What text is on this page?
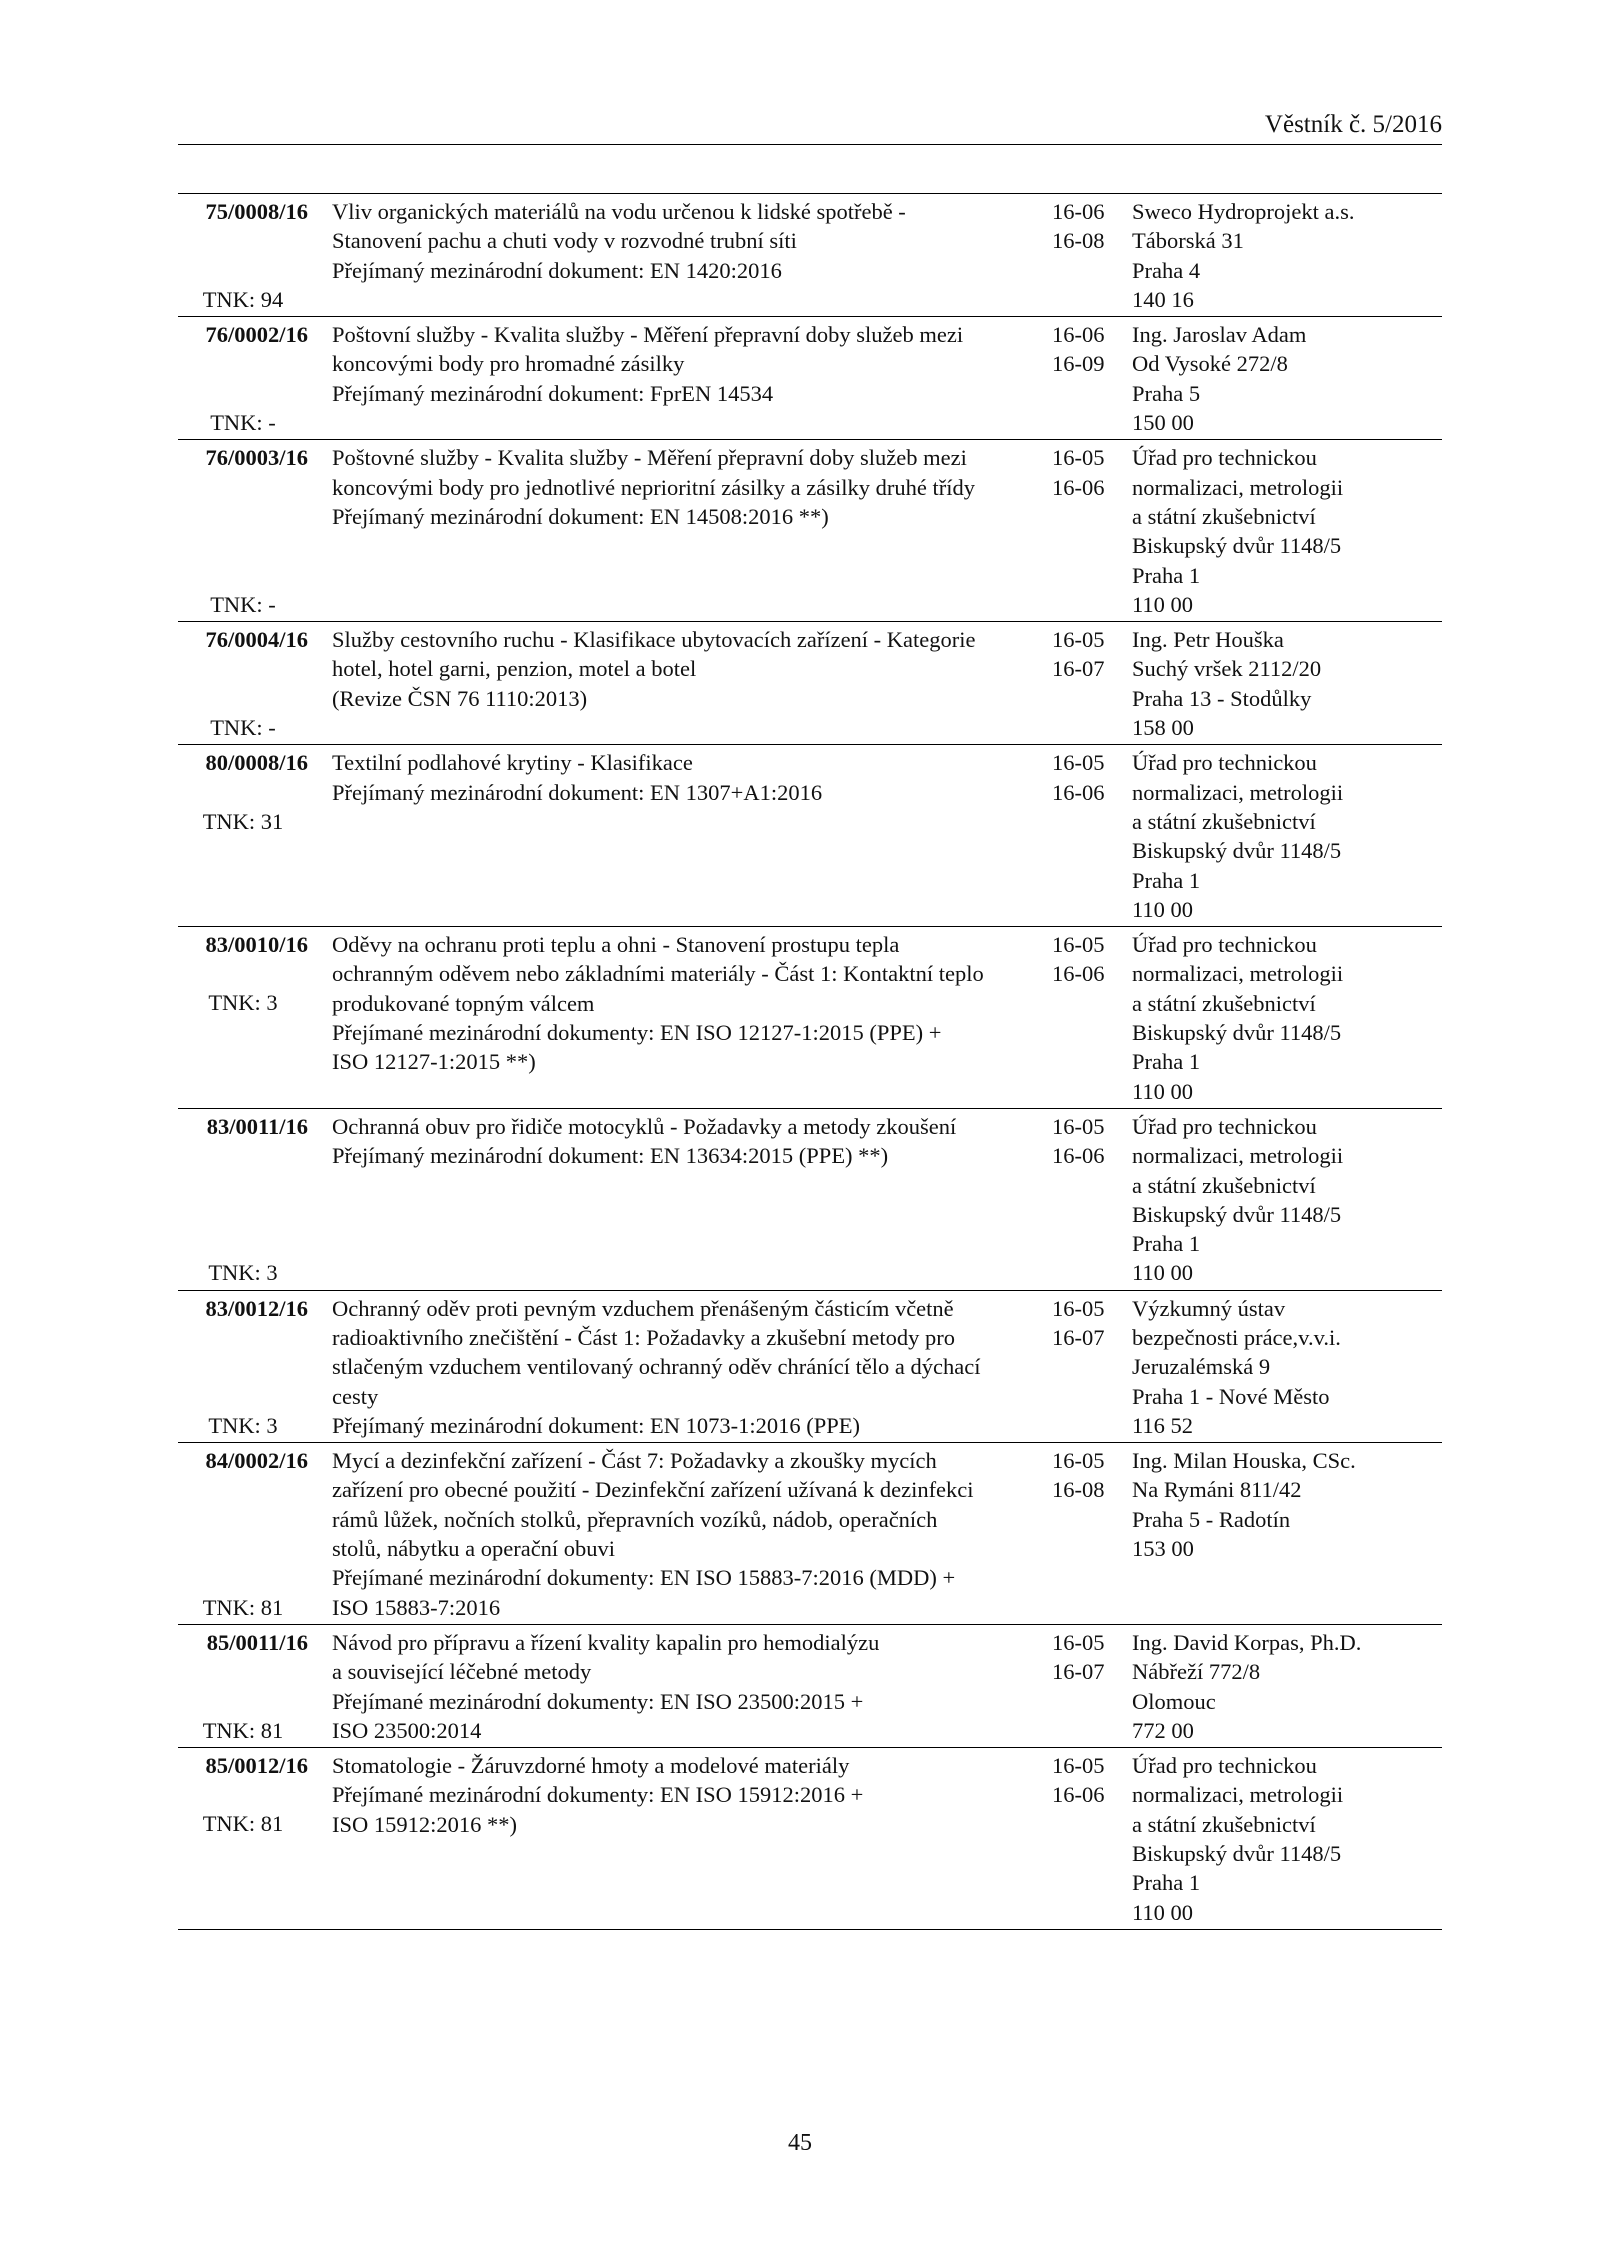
Věstník č. 5/2016
75/0008/16
TNK: 94
Vliv organických materiálů na vodu určenou k lidské spotřebě -
Stanovení pachu a chuti vody v rozvodné trubní síti
Přejímaný mezinárodní dokument: EN 1420:2016
16-06
16-08
Sweco Hydroprojekt a.s.
Táborská 31
Praha 4
140 16
76/0002/16
TNK: -
Poštovní služby - Kvalita služby - Měření přepravní doby služeb mezi
koncovými body pro hromadné zásilky
Přejímaný mezinárodní dokument: FprEN 14534
16-06
16-09
Ing. Jaroslav Adam
Od Vysoké 272/8
Praha 5
150 00
76/0003/16
TNK: -
Poštovné služby - Kvalita služby - Měření přepravní doby služeb mezi
koncovými body pro jednotlivé neprioritní zásilky a zásilky druhé třídy
Přejímaný mezinárodní dokument: EN 14508:2016 **)
16-05
16-06
Úřad pro technickou
normalizaci, metrologii
a státní zkušebnictví
Biskupský dvůr 1148/5
Praha 1
110 00
76/0004/16
TNK: -
Služby cestovního ruchu - Klasifikace ubytovacích zařízení - Kategorie
hotel, hotel garni, penzion, motel a botel
(Revize ČSN 76 1110:2013)
16-05
16-07
Ing. Petr Houška
Suchý vršek 2112/20
Praha 13 - Stodůlky
158 00
80/0008/16
TNK: 31
Textilní podlahové krytiny - Klasifikace
Přejímaný mezinárodní dokument: EN 1307+A1:2016
16-05
16-06
Úřad pro technickou
normalizaci, metrologii
a státní zkušebnictví
Biskupský dvůr 1148/5
Praha 1
110 00
83/0010/16
TNK: 3
Oděvy na ochranu proti teplu a ohni - Stanovení prostupu tepla
ochranným oděvem nebo základními materiály - Část 1: Kontaktní teplo
produkované topným válcem
Přejímané mezinárodní dokumenty: EN ISO 12127-1:2015 (PPE) +
ISO 12127-1:2015 **)
16-05
16-06
Úřad pro technickou
normalizaci, metrologii
a státní zkušebnictví
Biskupský dvůr 1148/5
Praha 1
110 00
83/0011/16
TNK: 3
Ochranná obuv pro řidiče motocyklů - Požadavky a metody zkoušení
Přejímaný mezinárodní dokument: EN 13634:2015 (PPE) **)
16-05
16-06
Úřad pro technickou
normalizaci, metrologii
a státní zkušebnictví
Biskupský dvůr 1148/5
Praha 1
110 00
83/0012/16
TNK: 3
Ochranný oděv proti pevným vzduchem přenášeným částicím včetně
radioaktivního znečištění - Část 1: Požadavky a zkušební metody pro
stlačeným vzduchem ventilovaný ochranný oděv chránící tělo a dýchací
cesty
Přejímaný mezinárodní dokument: EN 1073-1:2016 (PPE)
16-05
16-07
Výzkumný ústav
bezpečnosti práce,v.v.i.
Jeruzalémská 9
Praha 1 - Nové Město
116 52
84/0002/16
TNK: 81
Mycí a dezinfekční zařízení - Část 7: Požadavky a zkoušky mycích
zařízení pro obecné použití - Dezinfekční zařízení užívaná k dezinfekci
rámů lůžek, nočních stolků, přepravních vozíků, nádob, operačních
stolů, nábytku a operační obuvi
Přejímané mezinárodní dokumenty: EN ISO 15883-7:2016 (MDD) +
ISO 15883-7:2016
16-05
16-08
Ing. Milan Houska, CSc.
Na Rymáni 811/42
Praha 5 - Radotín
153 00
85/0011/16
TNK: 81
Návod pro přípravu a řízení kvality kapalin pro hemodialýzu
a související léčebné metody
Přejímané mezinárodní dokumenty: EN ISO 23500:2015 +
ISO 23500:2014
16-05
16-07
Ing. David Korpas, Ph.D.
Nábřeží 772/8
Olomouc
772 00
85/0012/16
TNK: 81
Stomatologie - Žáruvzdorné hmoty a modelové materiály
Přejímané mezinárodní dokumenty: EN ISO 15912:2016 +
ISO 15912:2016 **)
16-05
16-06
Úřad pro technickou
normalizaci, metrologii
a státní zkušebnictví
Biskupský dvůr 1148/5
Praha 1
110 00
45
